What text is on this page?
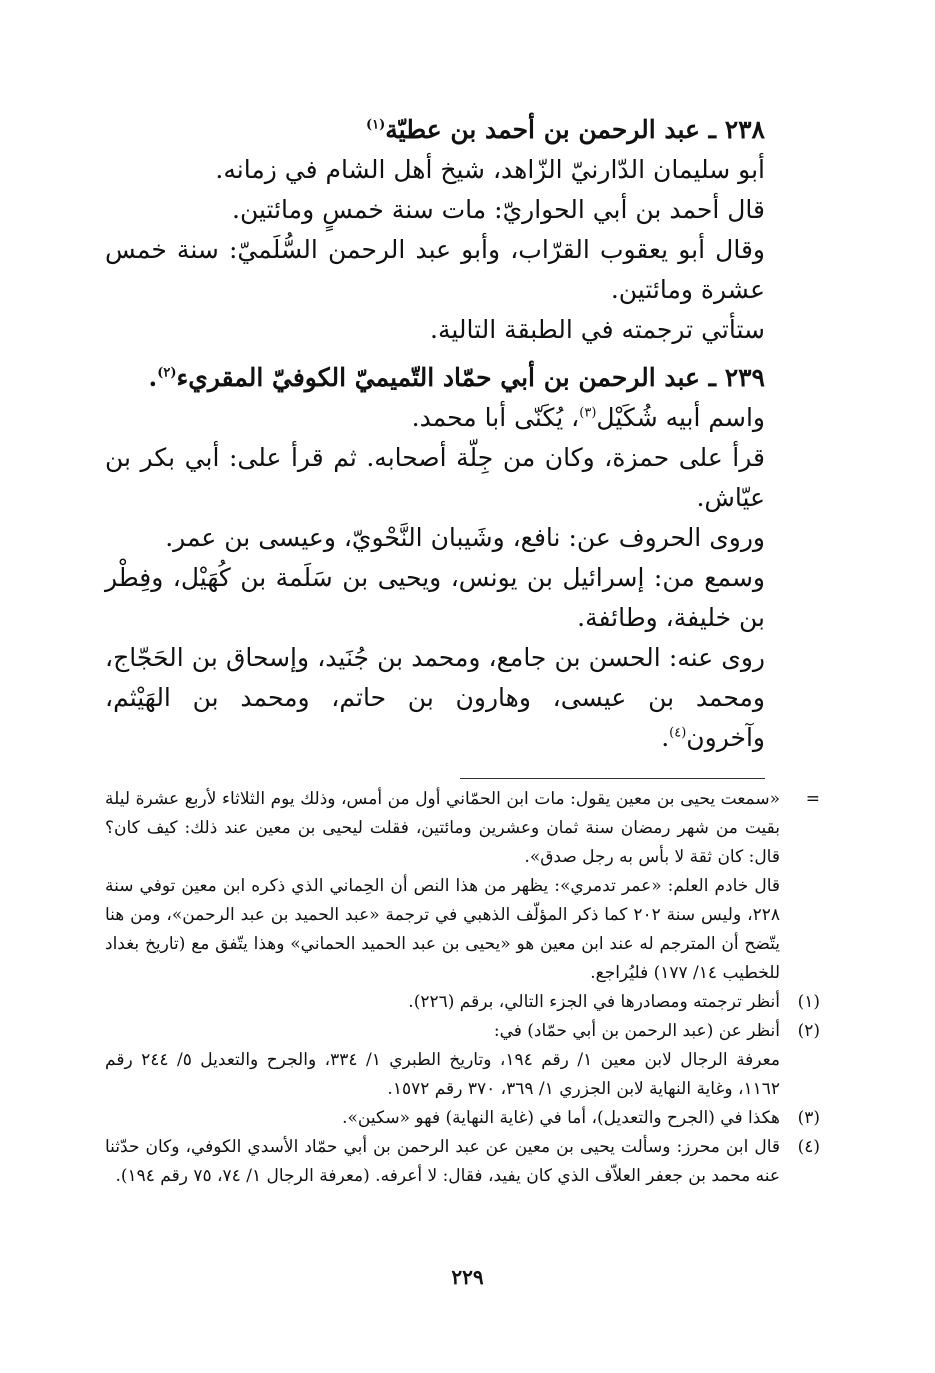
٢٣٨ ـ عبد الرحمن بن أحمد بن عطيّة$^{(١)}$

أبو سليمان الدّارنيّ الزّاهد، شيخ أهل الشام في زمانه.

قال أحمد بن أبي الحواريّ: مات سنة خمسٍ ومائتين.

وقال أبو يعقوب القرّاب، وأبو عبد الرحمن السُّلَميّ: سنة خمس عشرة ومائتين.

ستأتي ترجمته في الطبقة التالية.

٢٣٩ ـ عبد الرحمن بن أبي حمّاد التّميميّ الكوفيّ المقريء$^{(٢)}$.

واسم أبيه شُكَيْل$^{(٣)}$، يُكَنّى أبا محمد.

قرأ على حمزة، وكان من جِلّة أصحابه. ثم قرأ على: أبي بكر بن عيّاش.

وروى الحروف عن: نافع، وشَيبان النَّحْويّ، وعيسى بن عمر.

وسمع من: إسرائيل بن يونس، ويحيى بن سَلَمة بن كُهَيْل، وفِطْر بن خليفة، وطائفة.

روى عنه: الحسن بن جامع، ومحمد بن جُنَيد، وإسحاق بن الحَجّاج، ومحمد بن عيسى، وهارون بن حاتم، ومحمد بن الهَيْثم، وآخرون$^{(٤)}$.

=
«سمعت يحيى بن معين يقول: مات ابن الحمّاني أول من أمس، وذلك يوم الثلاثاء لأربع عشرة ليلة بقيت من شهر رمضان سنة ثمان وعشرين ومائتين، فقلت ليحيى بن معين عند ذلك: كيف كان؟ قال: كان ثقة لا بأس به رجل صدق».

قال خادم العلم: «عمر تدمري»: يظهر من هذا النص أن الحِماني الذي ذكره ابن معين توفي سنة ٢٢٨، وليس سنة ٢٠٢ كما ذكر المؤلّف الذهبي في ترجمة «عبد الحميد بن عبد الرحمن»، ومن هنا يتّضح أن المترجم له عند ابن معين هو «يحيى بن عبد الحميد الحماني» وهذا يتّفق مع (تاريخ بغداد للخطيب ١٤/ ١٧٧) فليُراجع.

(١)
أنظر ترجمته ومصادرها في الجزء التالي، برقم (٢٢٦).

(٢)
أنظر عن (عبد الرحمن بن أبي حمّاد) في:

معرفة الرجال لابن معين ١/ رقم ١٩٤، وتاريخ الطبري ١/ ٣٣٤، والجرح والتعديل ٥/ ٢٤٤ رقم ١١٦٢، وغاية النهاية لابن الجزري ١/ ٣٦٩، ٣٧٠ رقم ١٥٧٢.

(٣)
هكذا في (الجرح والتعديل)، أما في (غاية النهاية) فهو «سكين».

(٤)
قال ابن محرز: وسألت يحيى بن معين عن عبد الرحمن بن أبي حمّاد الأسدي الكوفي، وكان حدّثنا عنه محمد بن جعفر العلاّف الذي كان يفيد، فقال: لا أعرفه. (معرفة الرجال ١/ ٧٤، ٧٥ رقم ١٩٤).

٢٢٩
